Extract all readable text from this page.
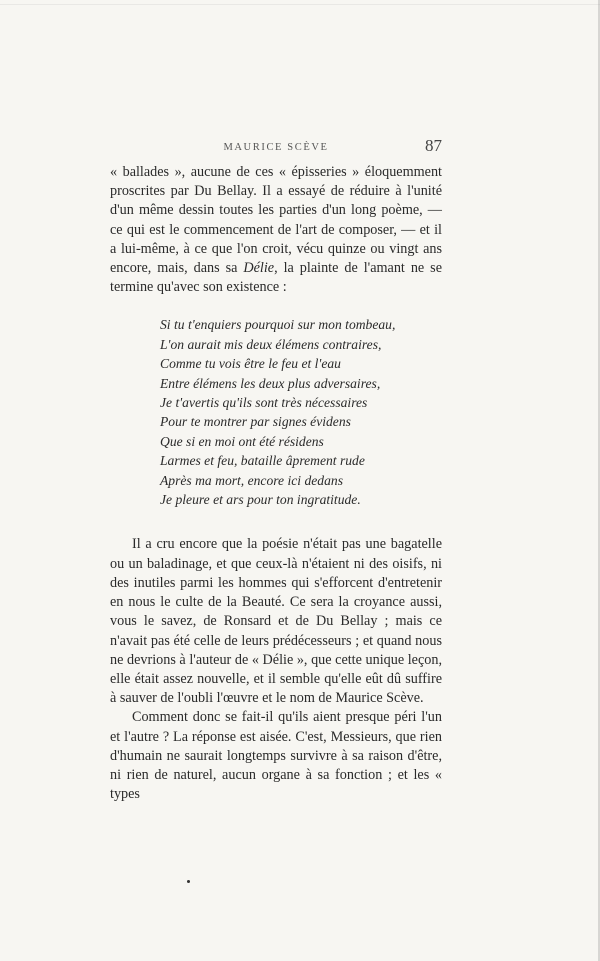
MAURICE SCÈVE	87

« ballades », aucune de ces « épisseries » éloquemment proscrites par Du Bellay. Il a essayé de réduire à l'unité d'un même dessin toutes les parties d'un long poème, — ce qui est le commencement de l'art de composer, — et il a lui-même, à ce que l'on croit, vécu quinze ou vingt ans encore, mais, dans sa Délie, la plainte de l'amant ne se termine qu'avec son existence :

Si tu t'enquiers pourquoi sur mon tombeau,
L'on aurait mis deux élémens contraires,
Comme tu vois être le feu et l'eau
Entre élémens les deux plus adversaires,
Je t'avertis qu'ils sont très nécessaires
Pour te montrer par signes évidens
Que si en moi ont été résidens
Larmes et feu, bataille âprement rude
Après ma mort, encore ici dedans
Je pleure et ars pour ton ingratitude.

Il a cru encore que la poésie n'était pas une bagatelle ou un baladinage, et que ceux-là n'étaient ni des oisifs, ni des inutiles parmi les hommes qui s'efforcent d'entretenir en nous le culte de la Beauté. Ce sera la croyance aussi, vous le savez, de Ronsard et de Du Bellay ; mais ce n'avait pas été celle de leurs prédécesseurs ; et quand nous ne devrions à l'auteur de « Délie », que cette unique leçon, elle était assez nouvelle, et il semble qu'elle eût dû suffire à sauver de l'oubli l'œuvre et le nom de Maurice Scève.

Comment donc se fait-il qu'ils aient presque péri l'un et l'autre ? La réponse est aisée. C'est, Messieurs, que rien d'humain ne saurait longtemps survivre à sa raison d'être, ni rien de naturel, aucun organe à sa fonction ; et les « types
